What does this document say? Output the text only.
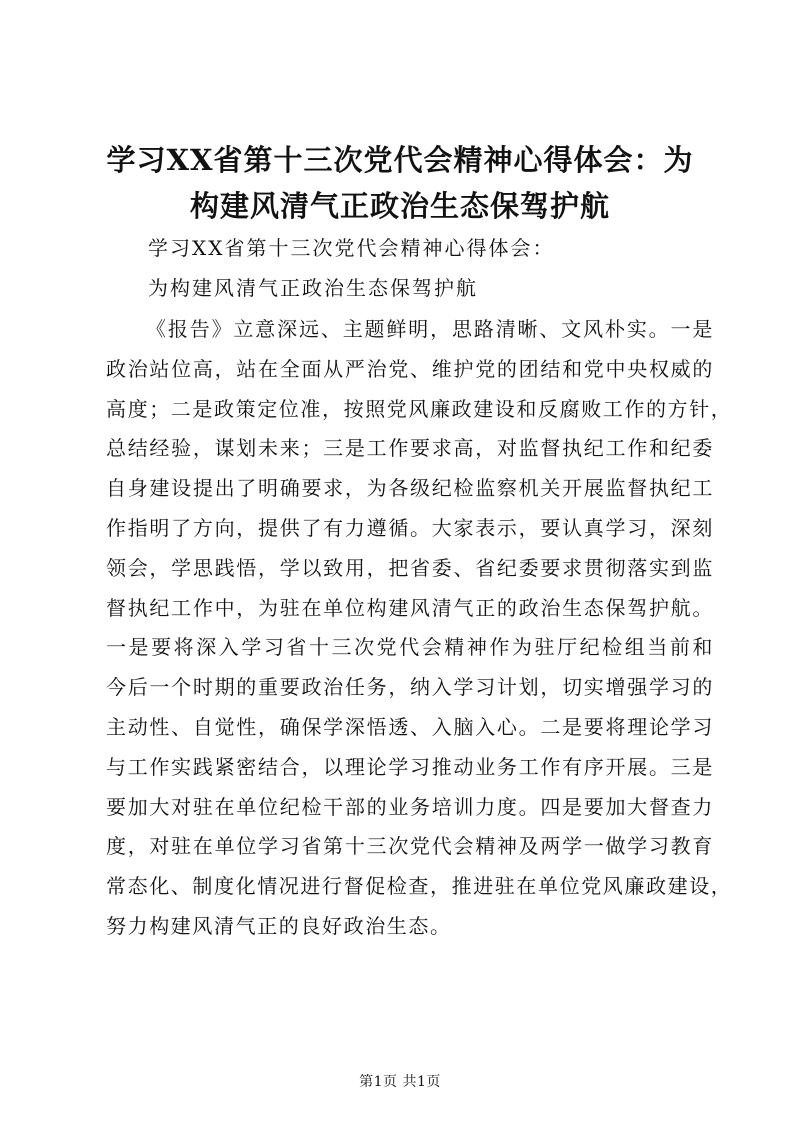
学习XX省第十三次党代会精神心得体会：为
构建风清气正政治生态保驾护航

学习XX省第十三次党代会精神心得体会：

为构建风清气正政治生态保驾护航

《报告》立意深远、主题鲜明，思路清晰、文风朴实。一是
政治站位高，站在全面从严治党、维护党的团结和党中央权威的
高度；二是政策定位准，按照党风廉政建设和反腐败工作的方针，
总结经验，谋划未来；三是工作要求高，对监督执纪工作和纪委
自身建设提出了明确要求，为各级纪检监察机关开展监督执纪工
作指明了方向，提供了有力遵循。大家表示，要认真学习，深刻
领会，学思践悟，学以致用，把省委、省纪委要求贯彻落实到监
督执纪工作中，为驻在单位构建风清气正的政治生态保驾护航。
一是要将深入学习省十三次党代会精神作为驻厅纪检组当前和
今后一个时期的重要政治任务，纳入学习计划，切实增强学习的
主动性、自觉性，确保学深悟透、入脑入心。二是要将理论学习
与工作实践紧密结合，以理论学习推动业务工作有序开展。三是
要加大对驻在单位纪检干部的业务培训力度。四是要加大督查力
度，对驻在单位学习省第十三次党代会精神及两学一做学习教育
常态化、制度化情况进行督促检查，推进驻在单位党风廉政建设，
努力构建风清气正的良好政治生态。
第1页 共1页
